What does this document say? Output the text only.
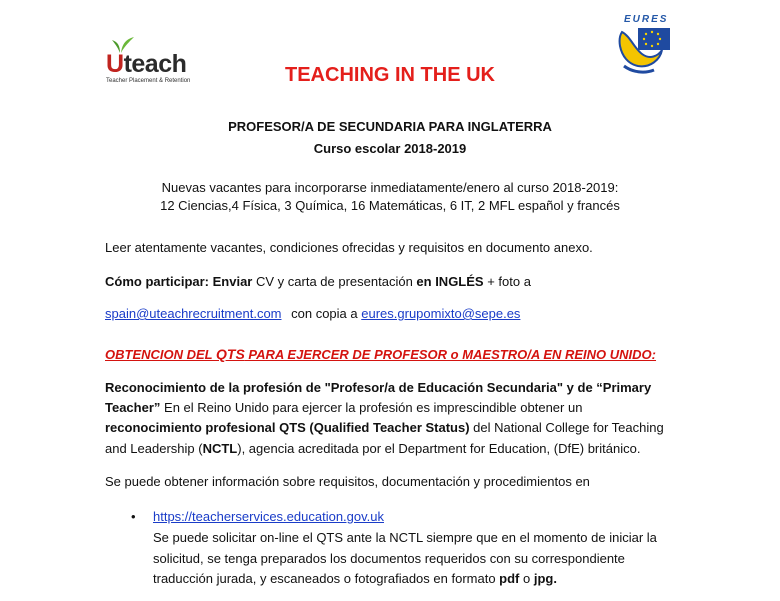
Uteach
Teacher Placement & Retention
EURES
TEACHING IN THE UK
PROFESOR/A DE SECUNDARIA PARA INGLATERRA
Curso escolar 2018-2019
Nuevas vacantes para incorporarse inmediatamente/enero al curso 2018-2019:
12 Ciencias,4 Física, 3 Química, 16 Matemáticas, 6 IT, 2 MFL español y francés
Leer atentamente vacantes, condiciones ofrecidas y requisitos en documento anexo.
Cómo participar: Enviar CV y carta de presentación en INGLÉS + foto a
spain@uteachrecruitment.com con copia a eures.grupomixto@sepe.es
OBTENCION DEL QTS PARA EJERCER DE PROFESOR o MAESTRO/A EN REINO UNIDO:
Reconocimiento de la profesión de "Profesor/a de Educación Secundaria" y de “Primary
Teacher” En el Reino Unido para ejercer la profesión es imprescindible obtener un
reconocimiento profesional QTS (Qualified Teacher Status) del National College for Teaching
and Leadership (NCTL), agencia acreditada por el Department for Education, (DfE) británico.
Se puede obtener información sobre requisitos, documentación y procedimientos en
• https://teacherservices.education.gov.uk
Se puede solicitar on-line el QTS ante la NCTL siempre que en el momento de iniciar la
solicitud, se tenga preparados los documentos requeridos con su correspondiente
traducción jurada, y escaneados o fotografiados en formato pdf o jpg.
